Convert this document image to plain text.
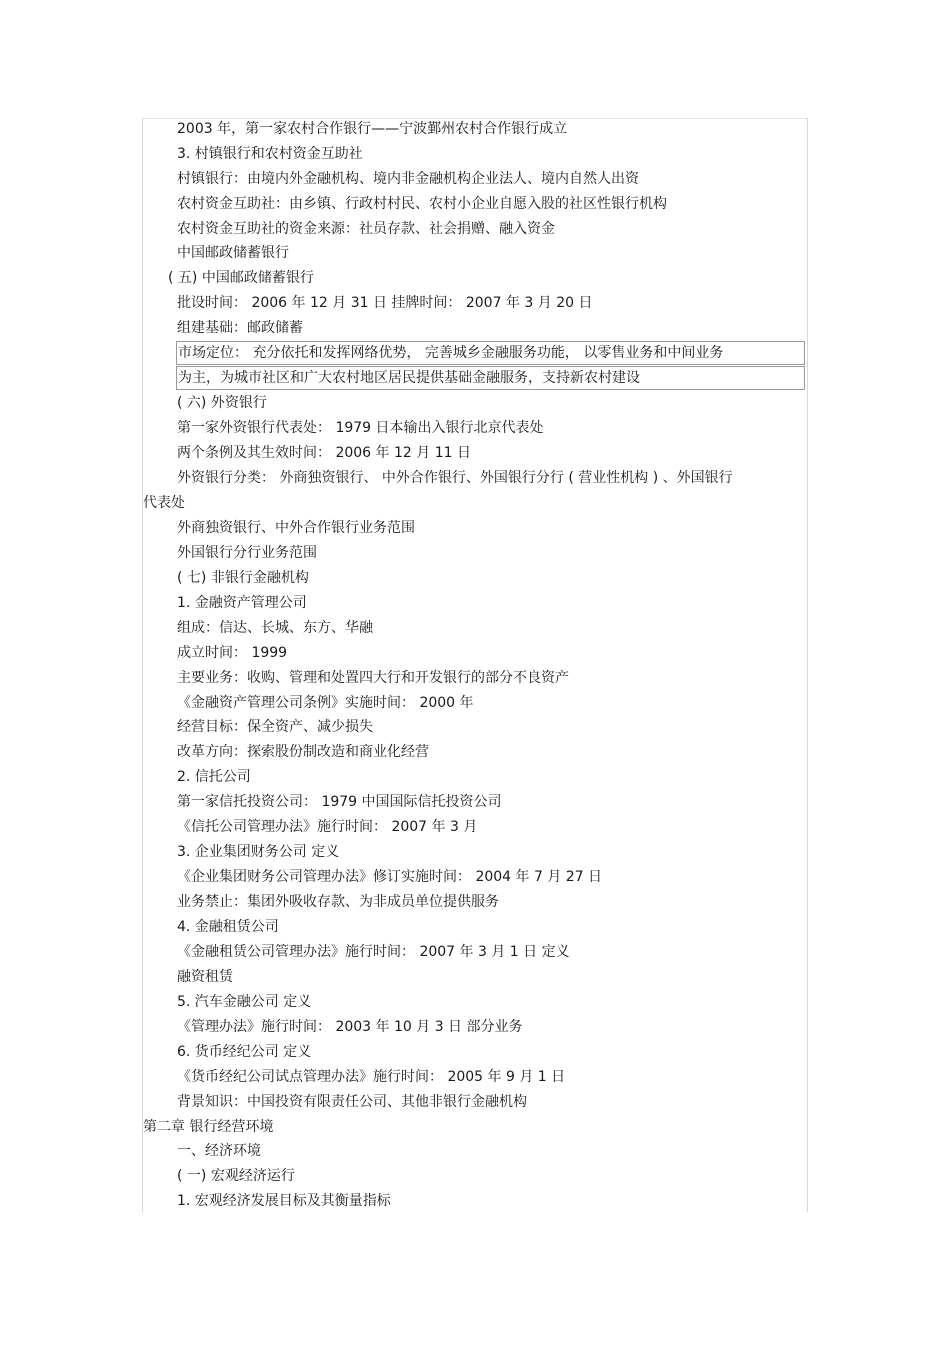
2003 年，第一家农村合作银行——宁波鄞州农村合作银行成立
3. 村镇银行和农村资金互助社
村镇银行：由境内外金融机构、境内非金融机构企业法人、境内自然人出资
农村资金互助社：由乡镇、行政村村民、农村小企业自愿入股的社区性银行机构
农村资金互助社的资金来源：社员存款、社会捐赠、融入资金
中国邮政储蓄银行
( 五) 中国邮政储蓄银行
批设时间： 2006 年 12 月 31 日 挂牌时间： 2007 年 3 月 20 日
组建基础：邮政储蓄
市场定位： 充分依托和发挥网络优势， 完善城乡金融服务功能， 以零售业务和中间业务
为主，为城市社区和广大农村地区居民提供基础金融服务，支持新农村建设
( 六) 外资银行
第一家外资银行代表处： 1979 日本输出入银行北京代表处
两个条例及其生效时间： 2006 年 12 月 11 日
外资银行分类： 外商独资银行、 中外合作银行、外国银行分行 ( 营业性机构 ) 、外国银行
代表处
外商独资银行、中外合作银行业务范围
外国银行分行业务范围
( 七) 非银行金融机构
1. 金融资产管理公司
组成：信达、长城、东方、华融
成立时间： 1999
主要业务：收购、管理和处置四大行和开发银行的部分不良资产
《金融资产管理公司条例》实施时间： 2000 年
经营目标：保全资产、减少损失
改革方向：探索股份制改造和商业化经营
2. 信托公司
第一家信托投资公司： 1979 中国国际信托投资公司
《信托公司管理办法》施行时间： 2007 年 3 月
3. 企业集团财务公司 定义
《企业集团财务公司管理办法》修订实施时间： 2004 年 7 月 27 日
业务禁止：集团外吸收存款、为非成员单位提供服务
4. 金融租赁公司
《金融租赁公司管理办法》施行时间： 2007 年 3 月 1 日 定义
融资租赁
5. 汽车金融公司 定义
《管理办法》施行时间： 2003 年 10 月 3 日 部分业务
6. 货币经纪公司 定义
《货币经纪公司试点管理办法》施行时间： 2005 年 9 月 1 日
背景知识：中国投资有限责任公司、其他非银行金融机构
第二章 银行经营环境
一、经济环境
( 一) 宏观经济运行
1. 宏观经济发展目标及其衡量指标
